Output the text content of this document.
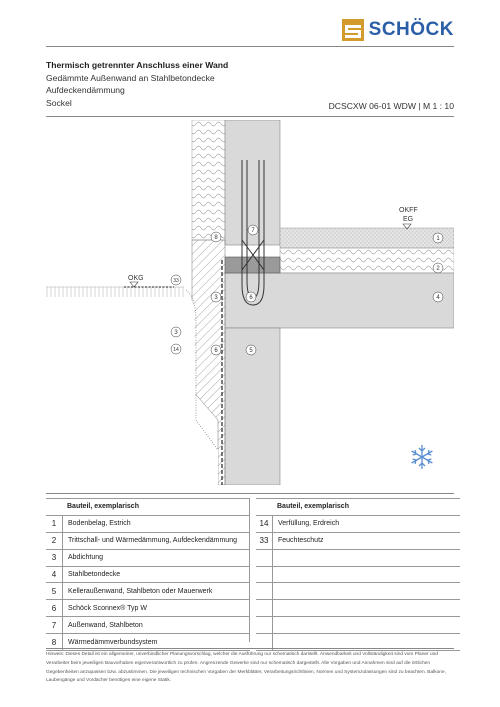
SCHÖCK
Thermisch getrennter Anschluss einer Wand
Gedämmte Außenwand an Stahlbetondecke
Aufdeckendämmung
Sockel	DCSCXW 06-01 WDW | M 1 : 10
OKFF
EG
OKG
1
2
3
3
4
5
6
6
7
8
14
33
Bauteil, exemplarisch
1	Bodenbelag, Estrich
2	Trittschall- und Wärmedämmung, Aufdeckendämmung
3	Abdichtung
4	Stahlbetondecke
5	Kelleraußenwand, Stahlbeton oder Mauerwerk
6	Schöck Sconnex® Typ W
7	Außenwand, Stahlbeton
8	Wärmedämmverbundsystem
Bauteil, exemplarisch
14	Verfüllung, Erdreich
33	Feuchteschutz
Hinweis: Dieses Detail ist ein allgemeiner, unverbindlicher Planungsvorschlag, welcher die Ausführung nur schematisch darstellt. Anwendbarkeit und Vollständigkeit sind vom Planer und Verarbeiter beim jeweiligen Bauvorhaben eigenverantwortlich zu prüfen. Angrenzende Gewerke sind nur schematisch dargestellt. Alle Vorgaben und Annahmen sind auf die örtlichen Gegebenheiten anzupassen bzw. abzustimmen. Die jeweiligen technischen Vorgaben der Merkblätter, Verarbeitungsrichtlinien, Normen und Systemzulassungen sind zu beachten. Balkone, Laubengänge und Vordächer benötigen eine eigene Statik.
